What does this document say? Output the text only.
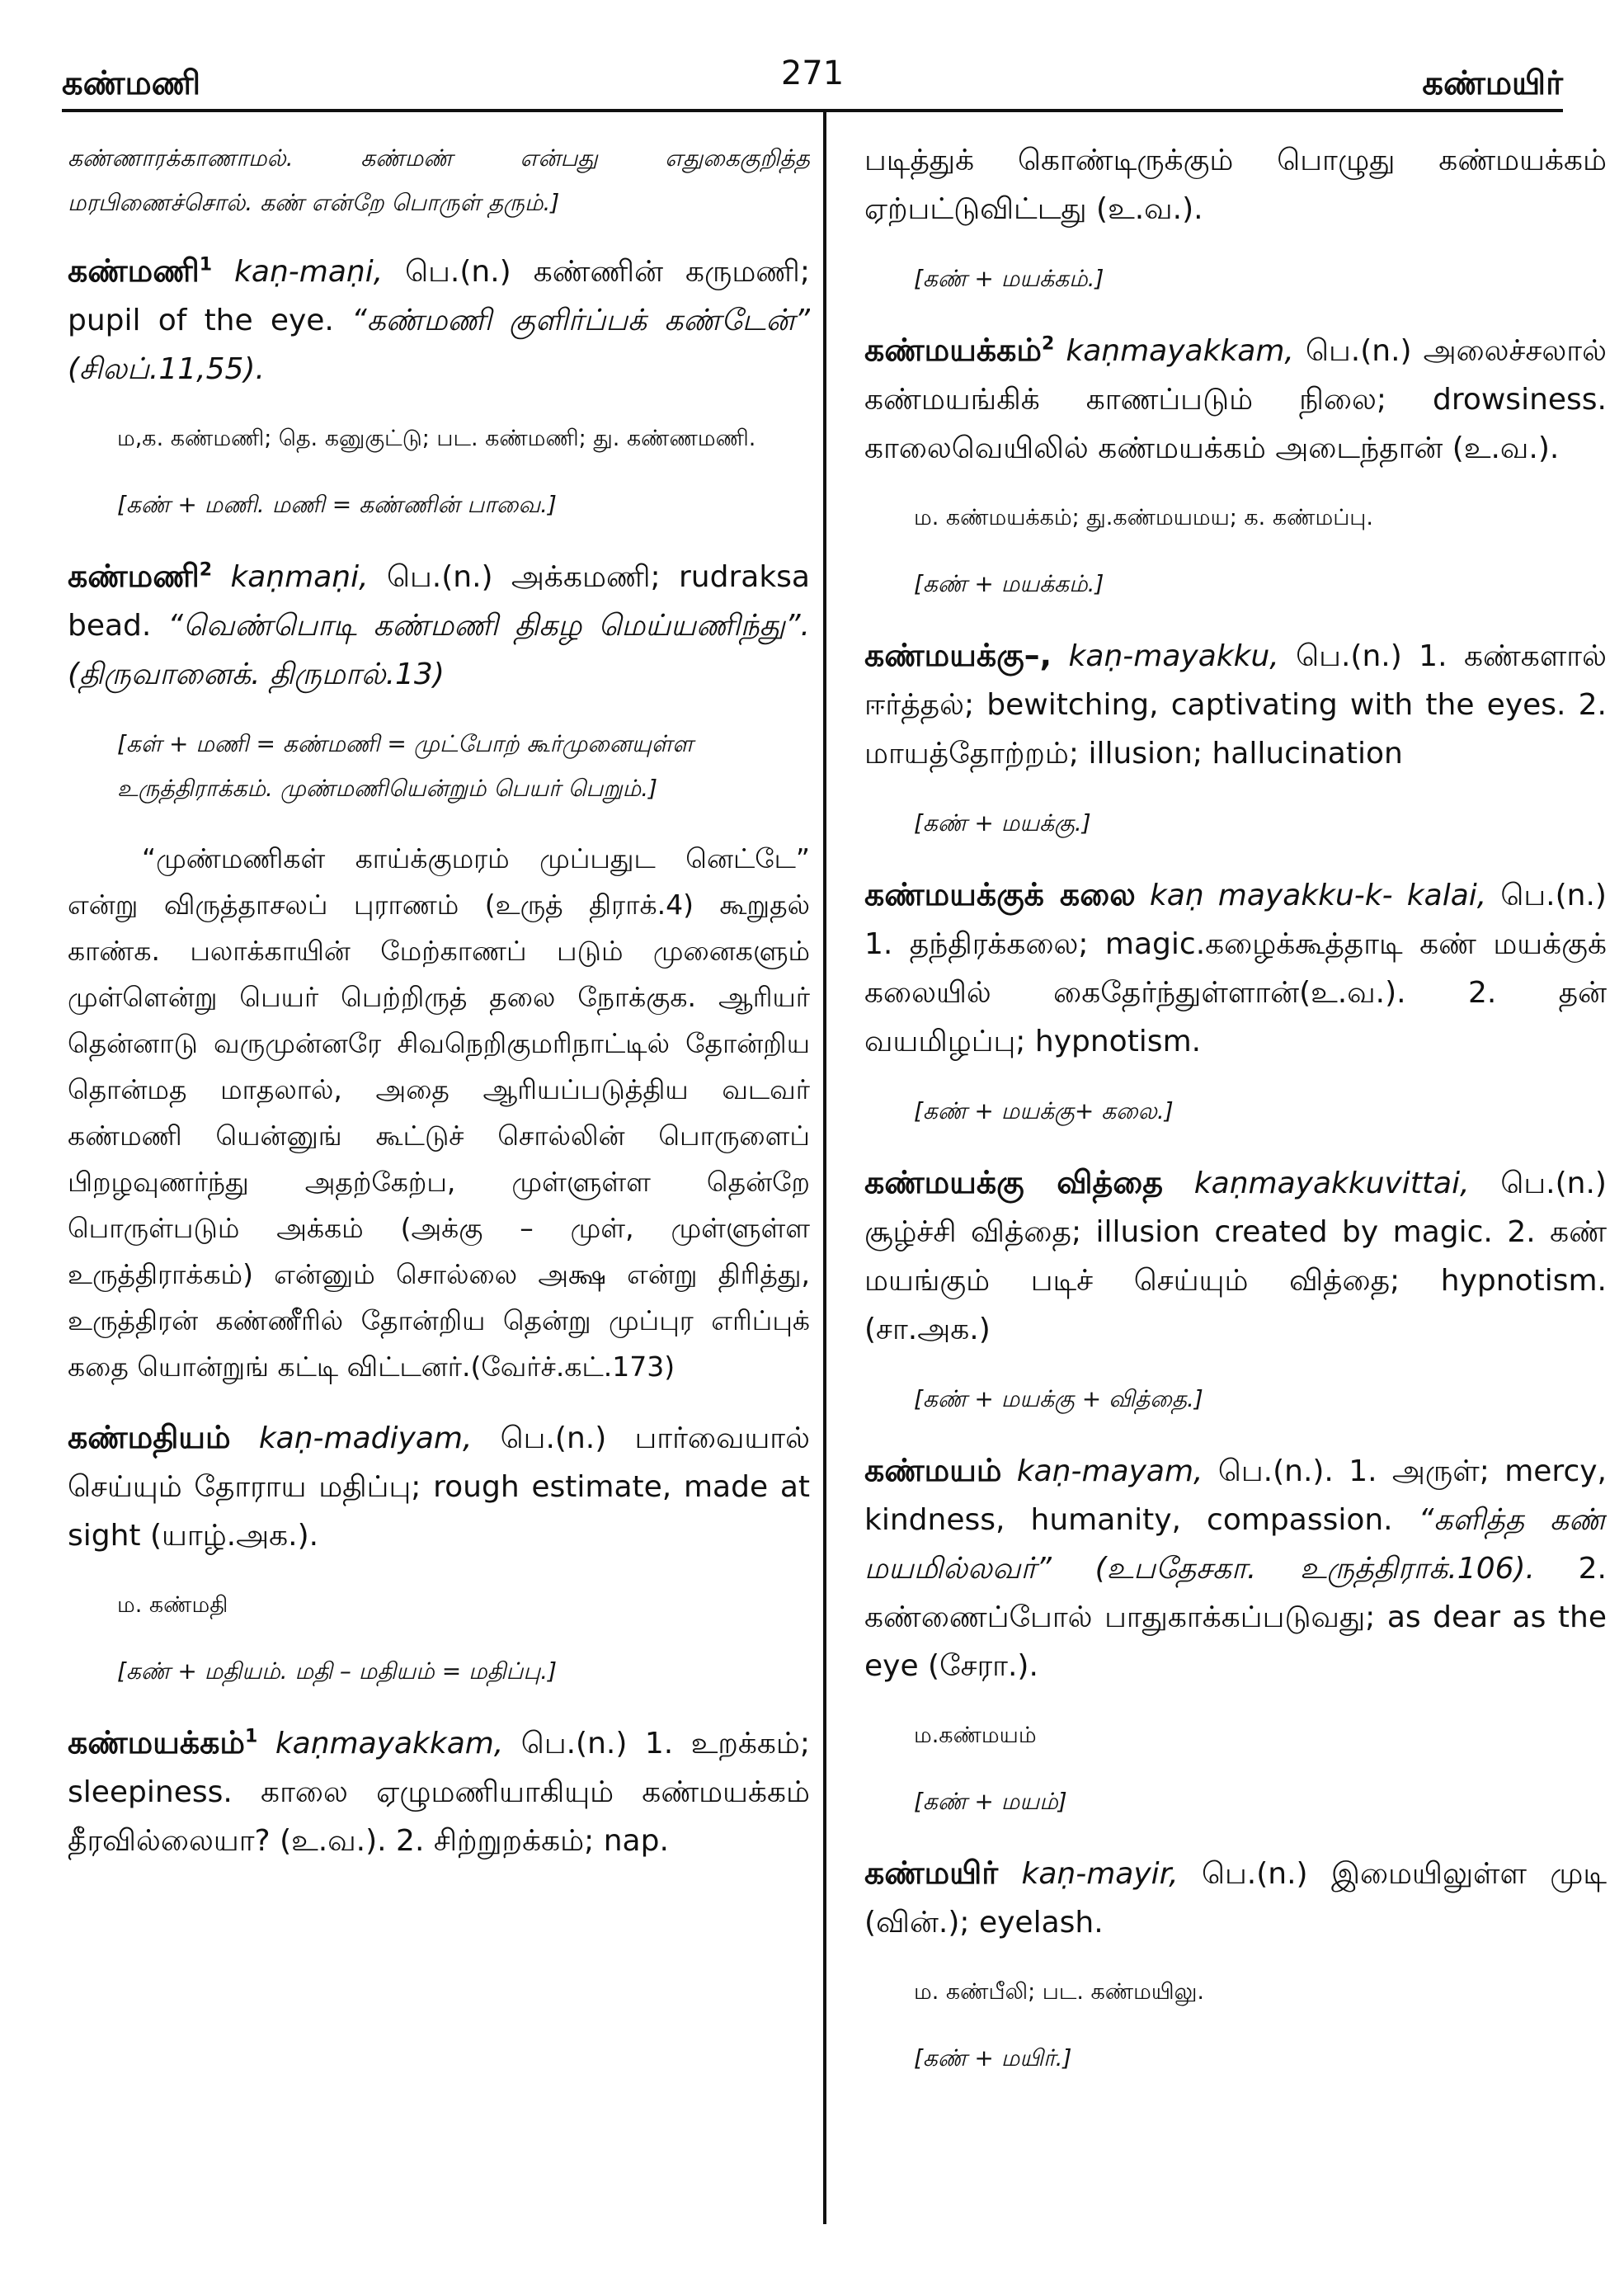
கண்மணி	271	கண்மயிர்

கண்ணாரக்காணாமல். கண்மண் என்பது எதுகைகுறித்த மரபிணைச்சொல். கண் என்றே பொருள் தரும்.]

கண்மணி$^1$ kaṇ-maṇi, பெ.(n.) கண்ணின் கருமணி; pupil of the eye. “கண்மணி குளிர்ப்பக் கண்டேன்” (சிலப்.11,55).

ம,க. கண்மணி; தெ. கனுகுட்டு; பட. கண்மணி; து. கண்ணமணி.

[கண் + மணி. மணி = கண்ணின் பாவை.]

கண்மணி$^2$ kaṇmaṇi, பெ.(n.) அக்கமணி; rudraksa bead. “வெண்பொடி கண்மணி திகழ மெய்யணிந்து”. (திருவானைக். திருமால்.13)

[கள் + மணி = கண்மணி = முட்போற் கூர்முனையுள்ள உருத்திராக்கம். முண்மணியென்றும் பெயர் பெறும்.]

“முண்மணிகள் காய்க்குமரம் முப்பதுட னெட்டே” என்று விருத்தாசலப் புராணம் (உருத் திராக்.4) கூறுதல் காண்க. பலாக்காயின் மேற்காணப் படும் முனைகளும் முள்ளென்று பெயர் பெற்றிருத் தலை நோக்குக. ஆரியர் தென்னாடு வருமுன்னரே சிவநெறிகுமரிநாட்டில் தோன்றிய தொன்மத மாதலால், அதை ஆரியப்படுத்திய வடவர் கண்மணி யென்னுங் கூட்டுச் சொல்லின் பொருளைப் பிறழவுணர்ந்து அதற்கேற்ப, முள்ளுள்ள தென்றே பொருள்படும் அக்கம் (அக்கு – முள், முள்ளுள்ள உருத்திராக்கம்) என்னும் சொல்லை அக்ஷ என்று திரித்து, உருத்திரன் கண்ணீரில் தோன்றிய தென்று முப்புர எரிப்புக் கதை யொன்றுங் கட்டி விட்டனர்.(வேர்ச்.கட்.173)

கண்மதியம் kaṇ-madiyam, பெ.(n.) பார்வையால் செய்யும் தோராய மதிப்பு; rough estimate, made at sight (யாழ்.அக.).

ம. கண்மதி

[கண் + மதியம். மதி – மதியம் = மதிப்பு.]

கண்மயக்கம்$^1$ kaṇmayakkam, பெ.(n.) 1. உறக்கம்; sleepiness. காலை ஏழுமணியாகியும் கண்மயக்கம் தீரவில்லையா? (உ.வ.). 2. சிற்றுறக்கம்; nap.

படித்துக் கொண்டிருக்கும் பொழுது கண்மயக்கம் ஏற்பட்டுவிட்டது (உ.வ.).

[கண் + மயக்கம்.]

கண்மயக்கம்$^2$ kaṇmayakkam, பெ.(n.) அலைச்சலால் கண்மயங்கிக் காணப்படும் நிலை; drowsiness. காலைவெயிலில் கண்மயக்கம் அடைந்தான் (உ.வ.).

ம. கண்மயக்கம்; து.கண்மயமய; க. கண்மப்பு.

[கண் + மயக்கம்.]

கண்மயக்கு–, kaṇ-mayakku, பெ.(n.) 1. கண்களால் ஈர்த்தல்; bewitching, captivating with the eyes. 2. மாயத்தோற்றம்; illusion; hallucination

[கண் + மயக்கு.]

கண்மயக்குக் கலை kaṇ mayakku-k- kalai, பெ.(n.) 1. தந்திரக்கலை; magic.கழைக்கூத்தாடி கண் மயக்குக் கலையில் கைதேர்ந்துள்ளான்(உ.வ.). 2. தன் வயமிழப்பு; hypnotism.

[கண் + மயக்கு+ கலை.]

கண்மயக்கு வித்தை kaṇmayakkuvittai, பெ.(n.) சூழ்ச்சி வித்தை; illusion created by magic. 2. கண் மயங்கும் படிச் செய்யும் வித்தை; hypnotism. (சா.அக.)

[கண் + மயக்கு + வித்தை.]

கண்மயம் kaṇ-mayam, பெ.(n.). 1. அருள்; mercy, kindness, humanity, compassion. “களித்த கண் மயமில்லவர்” (உபதேசகா. உருத்திராக்.106). 2. கண்ணைப்போல் பாதுகாக்கப்படுவது; as dear as the eye (சேரா.).

ம.கண்மயம்

[கண் + மயம்]

கண்மயிர் kaṇ-mayir, பெ.(n.) இமையிலுள்ள முடி (வின்.); eyelash.

ம. கண்பீலி; பட. கண்மயிலு.

[கண் + மயிர்.]
